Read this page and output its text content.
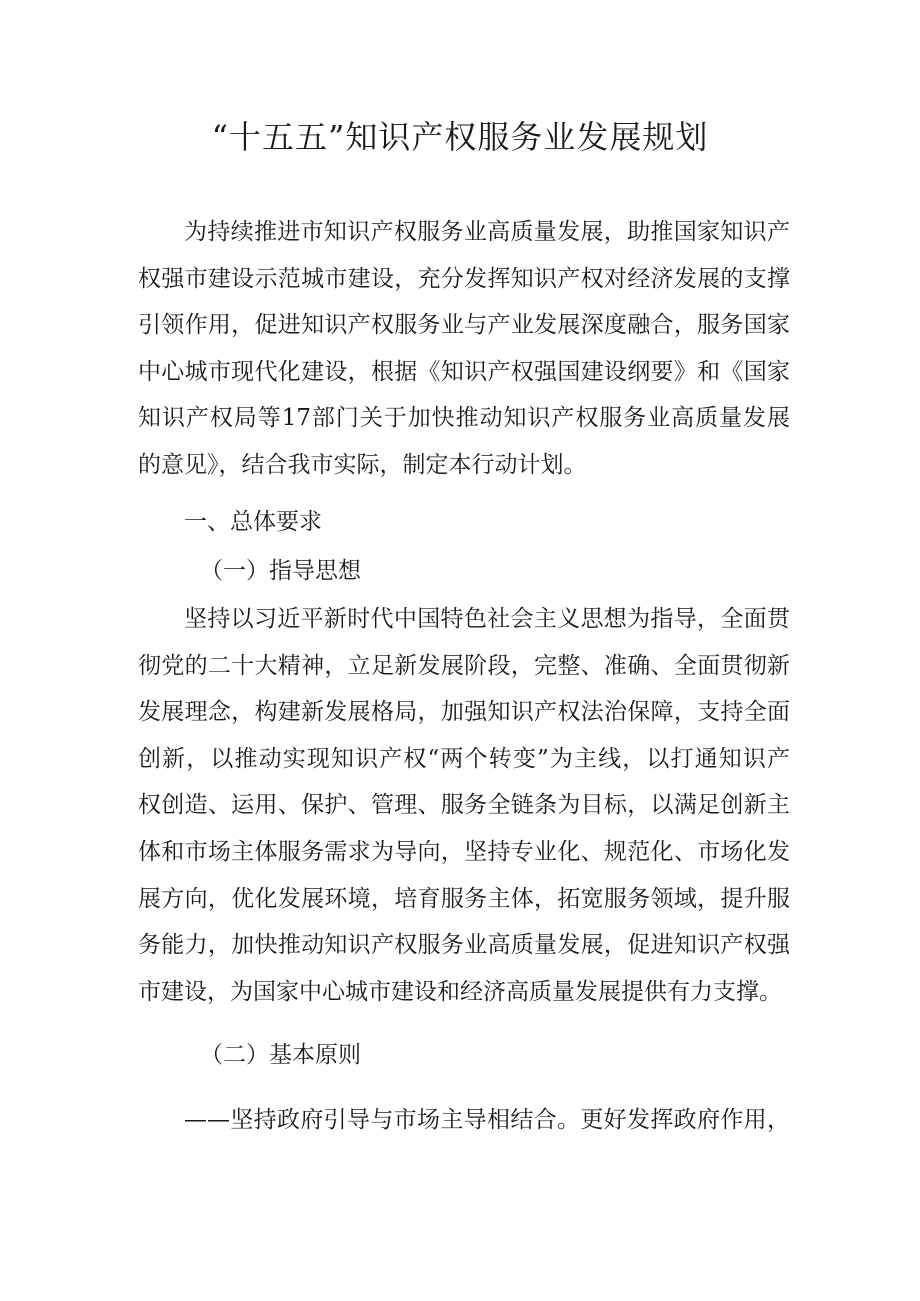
“十五五”知识产权服务业发展规划
为持续推进市知识产权服务业高质量发展，助推国家知识产
权强市建设示范城市建设，充分发挥知识产权对经济发展的支撑
引领作用，促进知识产权服务业与产业发展深度融合，服务国家
中心城市现代化建设，根据《知识产权强国建设纲要》和《国家
知识产权局等17部门关于加快推动知识产权服务业高质量发展
的意见》，结合我市实际，制定本行动计划。
一、总体要求
（一）指导思想
坚持以习近平新时代中国特色社会主义思想为指导，全面贯
彻党的二十大精神，立足新发展阶段，完整、准确、全面贯彻新
发展理念，构建新发展格局，加强知识产权法治保障，支持全面
创新，以推动实现知识产权“两个转变”为主线，以打通知识产
权创造、运用、保护、管理、服务全链条为目标，以满足创新主
体和市场主体服务需求为导向，坚持专业化、规范化、市场化发
展方向，优化发展环境，培育服务主体，拓宽服务领域，提升服
务能力，加快推动知识产权服务业高质量发展，促进知识产权强
市建设，为国家中心城市建设和经济高质量发展提供有力支撑。
（二）基本原则
——坚持政府引导与市场主导相结合。更好发挥政府作用，
